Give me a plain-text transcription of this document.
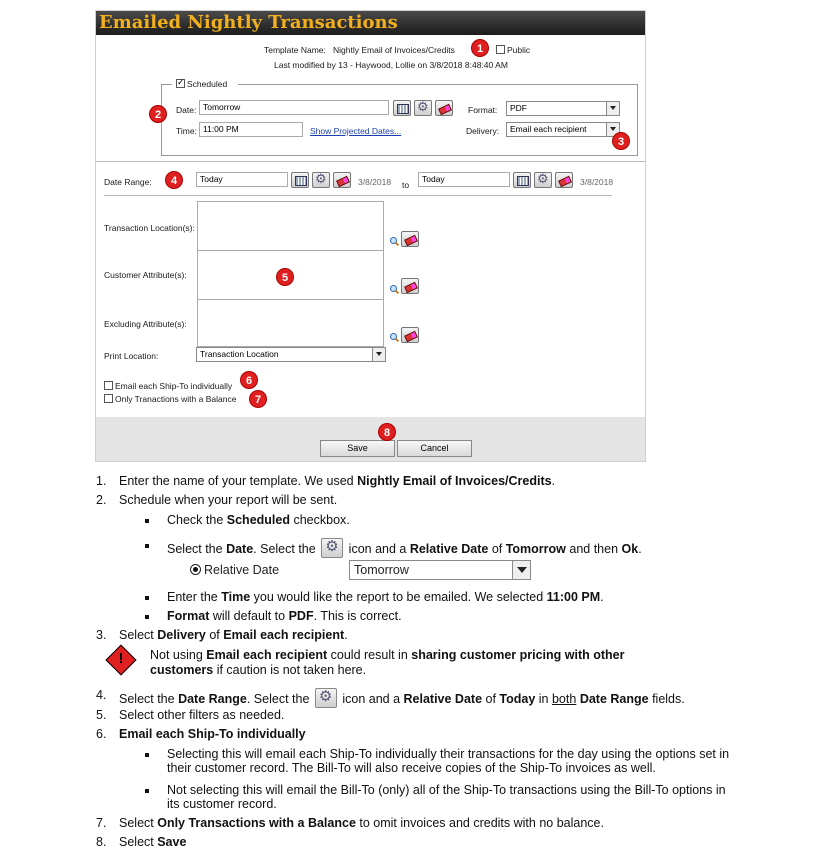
Emailed Nightly Transactions
Template Name: Nightly Email of Invoices/Credits	1	Public
Last modified by 13 - Haywood, Lollie on 3/8/2018 8:48:40 AM
✓
Scheduled
2	Date: Tomorrow ⚙	Format:	PDF
Time: 11:00 PM	Show Projected Dates...	Delivery:	Email each recipient
3
Date Range:	4	Today ⚙	3/8/2018 to
Today ⚙	3/8/2018
Transaction Location(s):
Customer Attribute(s):	5
Excluding Attribute(s):
Print Location:	Transaction Location
Email each Ship-To individually	6
Only Tranactions with a Balance	7
Save	Cancel
8
1. Enter the name of your template. We used Nightly Email of Invoices/Credits.
2. Schedule when your report will be sent.
Check the Scheduled checkbox.
Select the Date. Select the ⚙ icon and a Relative Date of Tomorrow and then Ok.
Relative Date	Tomorrow
Enter the Time you would like the report to be emailed. We selected 11:00 PM.
Format will default to PDF. This is correct.
3. Select Delivery of Email each recipient.
! Not using Email each recipient could result in sharing customer pricing with other
customers if caution is not taken here.
4. Select the Date Range. Select the ⚙ icon and a Relative Date of Today in both Date Range fields.
5. Select other filters as needed.
6. Email each Ship-To individually
Selecting this will email each Ship-To individually their transactions for the day using the options set in
their customer record. The Bill-To will also receive copies of the Ship-To invoices as well.
Not selecting this will email the Bill-To (only) all of the Ship-To transactions using the Bill-To options in
its customer record.
7. Select Only Transactions with a Balance to omit invoices and credits with no balance.
8. Select Save
